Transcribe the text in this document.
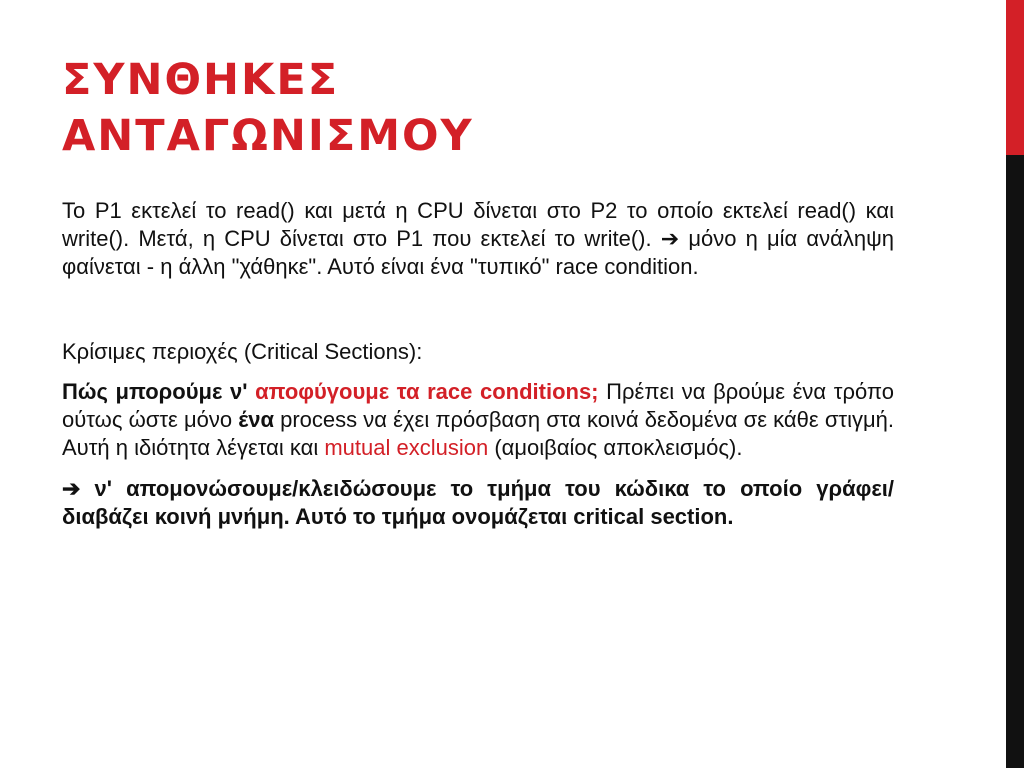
ΣΥΝΘΗΚΕΣ
ΑΝΤΑΓΩΝΙΣΜΟΥ

Το P1 εκτελεί το read() και μετά η CPU δίνεται στο P2 το οποίο εκτελεί read() και write(). Μετά, η CPU δίνεται στο P1 που εκτελεί το write(). ➔ μόνο η μία ανάληψη φαίνεται - η άλλη "χάθηκε". Αυτό είναι ένα "τυπικό" race condition.

Κρίσιμες περιοχές (Critical Sections):

Πώς μπορούμε ν' αποφύγουμε τα race conditions; Πρέπει να βρούμε ένα τρόπο ούτως ώστε μόνο ένα process να έχει πρόσβαση στα κοινά δεδομένα σε κάθε στιγμή. Αυτή η ιδιότητα λέγεται και mutual exclusion (αμοιβαίος αποκλεισμός).

➔ ν' απομονώσουμε/κλειδώσουμε το τμήμα του κώδικα το οποίο γράφει/διαβάζει κοινή μνήμη. Αυτό το τμήμα ονομάζεται critical section.
